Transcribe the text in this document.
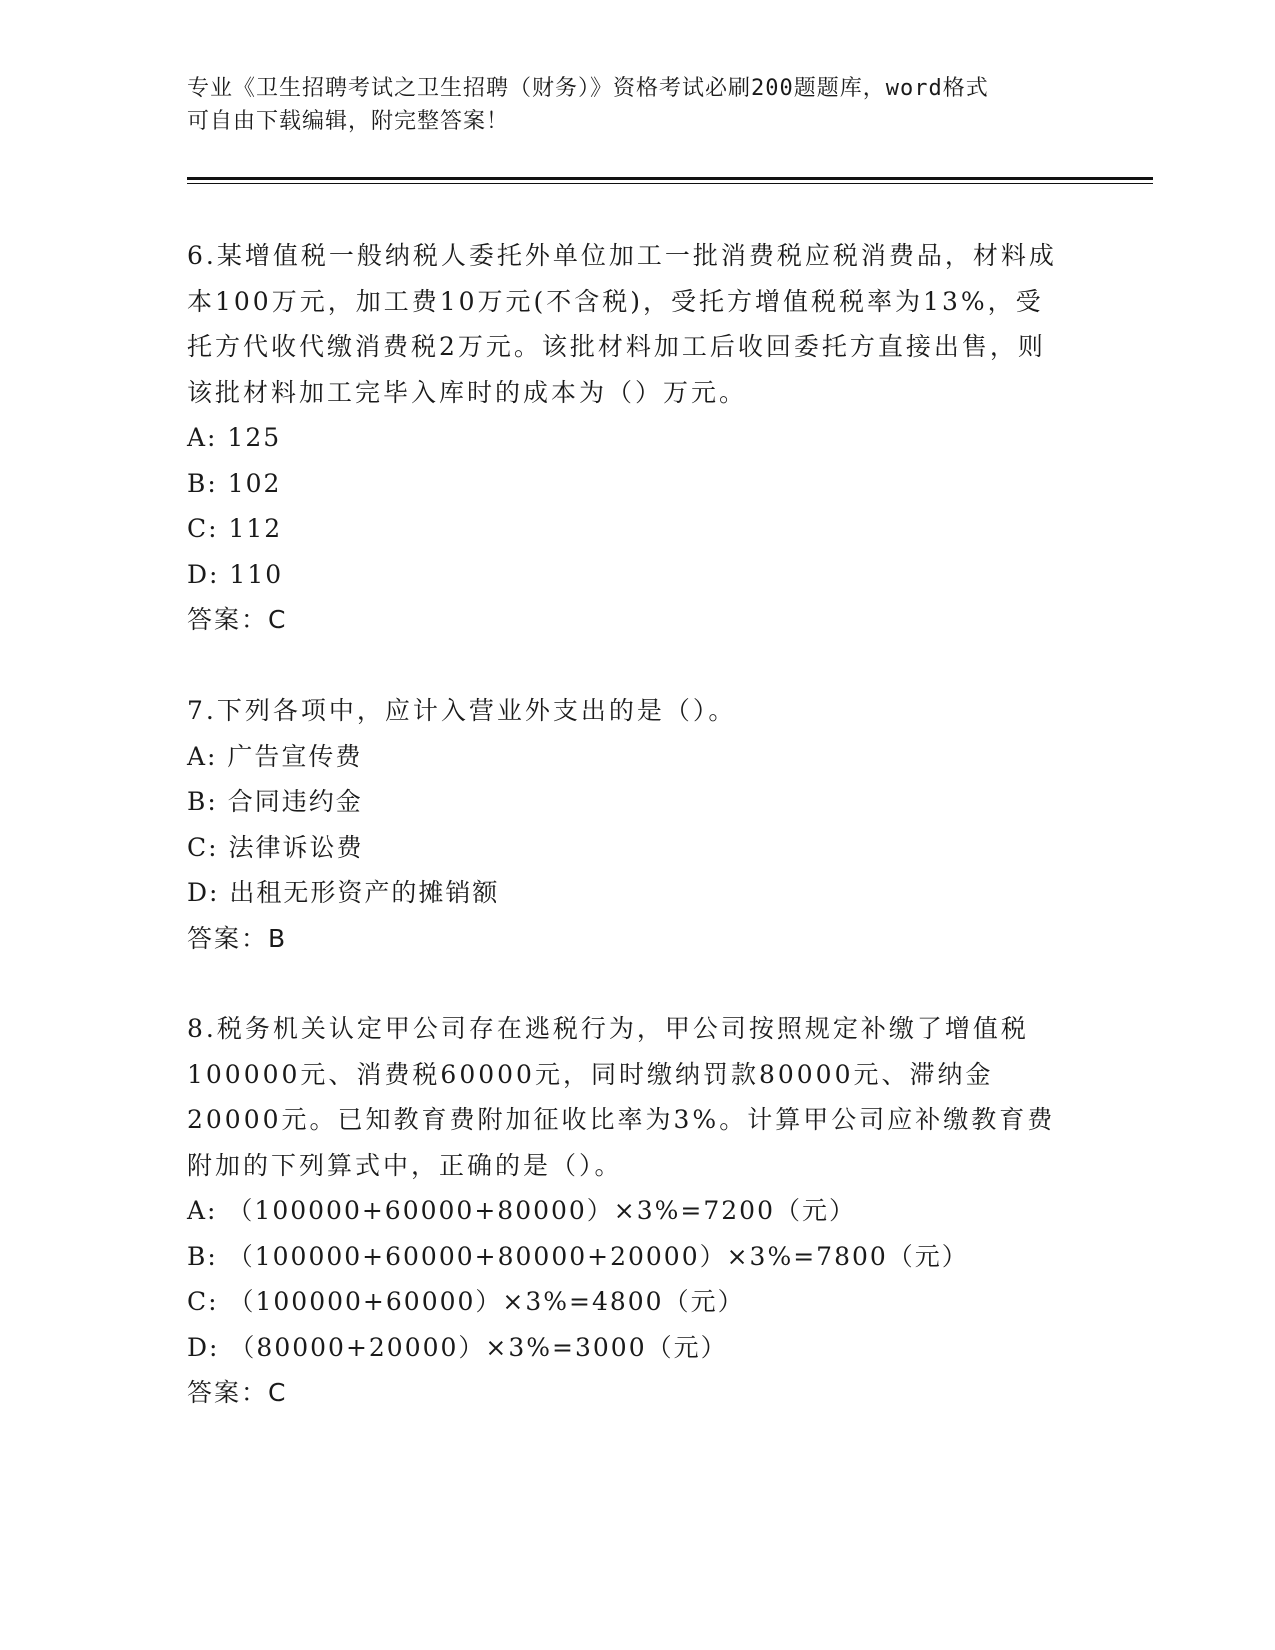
专业《卫生招聘考试之卫生招聘（财务）》资格考试必刷200题题库，word格式
可自由下载编辑，附完整答案！

6.某增值税一般纳税人委托外单位加工一批消费税应税消费品，材料成本100万元，加工费10万元(不含税)，受托方增值税税率为13%，受托方代收代缴消费税2万元。该批材料加工后收回委托方直接出售，则该批材料加工完毕入库时的成本为（）万元。

A: 125

B: 102

C: 112

D: 110

答案：C

7.下列各项中，应计入营业外支出的是（）。

A: 广告宣传费

B: 合同违约金

C: 法律诉讼费

D: 出租无形资产的摊销额

答案：B

8.税务机关认定甲公司存在逃税行为，甲公司按照规定补缴了增值税100000元、消费税60000元，同时缴纳罚款80000元、滞纳金20000元。已知教育费附加征收比率为3%。计算甲公司应补缴教育费附加的下列算式中，正确的是（）。

A: （100000+60000+80000）×3%=7200（元）

B: （100000+60000+80000+20000）×3%=7800（元）

C: （100000+60000）×3%=4800（元）

D: （80000+20000）×3%=3000（元）

答案：C
